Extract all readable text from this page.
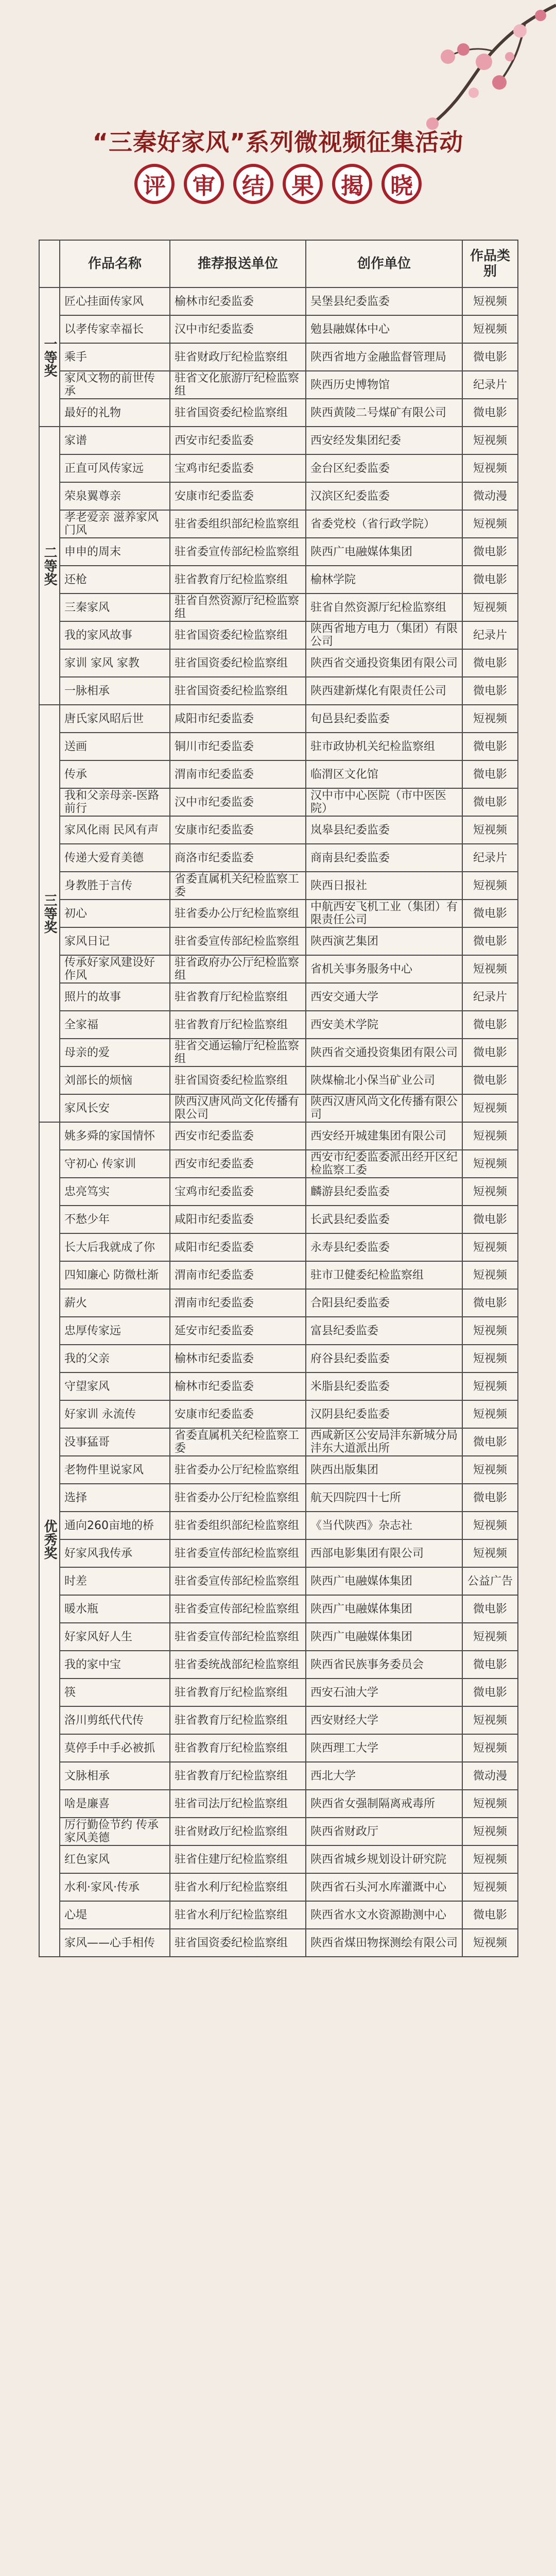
“三秦好家风”系列微视频征集活动
评	审	结	果	揭	晓
	作品名称	推荐报送单位	创作单位	作品类别
一等奖	匠心挂面传家风	榆林市纪委监委	吴堡县纪委监委	短视频
	以孝传家幸福长	汉中市纪委监委	勉县融媒体中心	短视频
	乘手	驻省财政厅纪检监察组	陕西省地方金融监督管理局	微电影
	家风文物的前世传承	驻省文化旅游厅纪检监察组	陕西历史博物馆	纪录片
	最好的礼物	驻省国资委纪检监察组	陕西黄陵二号煤矿有限公司	微电影
二等奖	家谱	西安市纪委监委	西安经发集团纪委	短视频
	正直可风传家远	宝鸡市纪委监委	金台区纪委监委	短视频
	荣泉翼尊亲	安康市纪委监委	汉滨区纪委监委	微动漫
	孝老爱亲 滋养家风门风	驻省委组织部纪检监察组	省委党校（省行政学院）	短视频
	申申的周末	驻省委宣传部纪检监察组	陕西广电融媒体集团	微电影
	还枪	驻省教育厅纪检监察组	榆林学院	微电影
	三秦家风	驻省自然资源厅纪检监察组	驻省自然资源厅纪检监察组	短视频
	我的家风故事	驻省国资委纪检监察组	陕西省地方电力（集团）有限公司	纪录片
	家训 家风 家教	驻省国资委纪检监察组	陕西省交通投资集团有限公司	微电影
	一脉相承	驻省国资委纪检监察组	陕西建新煤化有限责任公司	微电影
三等奖	唐氏家风昭后世	咸阳市纪委监委	旬邑县纪委监委	短视频
	送画	铜川市纪委监委	驻市政协机关纪检监察组	微电影
	传承	渭南市纪委监委	临渭区文化馆	微电影
	我和父亲母亲-医路前行	汉中市纪委监委	汉中市中心医院（市中医医院）	微电影
	家风化雨 民风有声	安康市纪委监委	岚皋县纪委监委	短视频
	传递大爱育美德	商洛市纪委监委	商南县纪委监委	纪录片
	身教胜于言传	省委直属机关纪检监察工委	陕西日报社	短视频
	初心	驻省委办公厅纪检监察组	中航西安飞机工业（集团）有限责任公司	微电影
	家风日记	驻省委宣传部纪检监察组	陕西演艺集团	微电影
	传承好家风建设好作风	驻省政府办公厅纪检监察组	省机关事务服务中心	短视频
	照片的故事	驻省教育厅纪检监察组	西安交通大学	纪录片
	全家福	驻省教育厅纪检监察组	西安美术学院	微电影
	母亲的爱	驻省交通运输厅纪检监察组	陕西省交通投资集团有限公司	微电影
	刘部长的烦恼	驻省国资委纪检监察组	陕煤榆北小保当矿业公司	微电影
	家风长安	陕西汉唐风尚文化传播有限公司	陕西汉唐风尚文化传播有限公司	短视频
优秀奖	姚多舜的家国情怀	西安市纪委监委	西安经开城建集团有限公司	短视频
	守初心 传家训	西安市纪委监委	西安市纪委监委派出经开区纪检监察工委	短视频
	忠亮笃实	宝鸡市纪委监委	麟游县纪委监委	短视频
	不愁少年	咸阳市纪委监委	长武县纪委监委	微电影
	长大后我就成了你	咸阳市纪委监委	永寿县纪委监委	短视频
	四知廉心 防微杜渐	渭南市纪委监委	驻市卫健委纪检监察组	短视频
	薪火	渭南市纪委监委	合阳县纪委监委	微电影
	忠厚传家远	延安市纪委监委	富县纪委监委	短视频
	我的父亲	榆林市纪委监委	府谷县纪委监委	短视频
	守望家风	榆林市纪委监委	米脂县纪委监委	短视频
	好家训 永流传	安康市纪委监委	汉阴县纪委监委	短视频
	没事猛哥	省委直属机关纪检监察工委	西咸新区公安局沣东新城分局沣东大道派出所	微电影
	老物件里说家风	驻省委办公厅纪检监察组	陕西出版集团	短视频
	选择	驻省委办公厅纪检监察组	航天四院四十七所	微电影
	通向260亩地的桥	驻省委组织部纪检监察组	《当代陕西》杂志社	短视频
	好家风我传承	驻省委宣传部纪检监察组	西部电影集团有限公司	短视频
	时差	驻省委宣传部纪检监察组	陕西广电融媒体集团	公益广告
	暖水瓶	驻省委宣传部纪检监察组	陕西广电融媒体集团	微电影
	好家风好人生	驻省委宣传部纪检监察组	陕西广电融媒体集团	短视频
	我的家中宝	驻省委统战部纪检监察组	陕西省民族事务委员会	微电影
	筷	驻省教育厅纪检监察组	西安石油大学	微电影
	洛川剪纸代代传	驻省教育厅纪检监察组	西安财经大学	短视频
	莫停手中手必被抓	驻省教育厅纪检监察组	陕西理工大学	短视频
	文脉相承	驻省教育厅纪检监察组	西北大学	微动漫
	啥是廉喜	驻省司法厅纪检监察组	陕西省女强制隔离戒毒所	短视频
	厉行勤俭节约 传承家风美德	驻省财政厅纪检监察组	陕西省财政厅	短视频
	红色家风	驻省住建厅纪检监察组	陕西省城乡规划设计研究院	短视频
	水利·家风·传承	驻省水利厅纪检监察组	陕西省石头河水库灌溉中心	短视频
	心堤	驻省水利厅纪检监察组	陕西省水文水资源勘测中心	微电影
	家风——心手相传	驻省国资委纪检监察组	陕西省煤田物探测绘有限公司	短视频
